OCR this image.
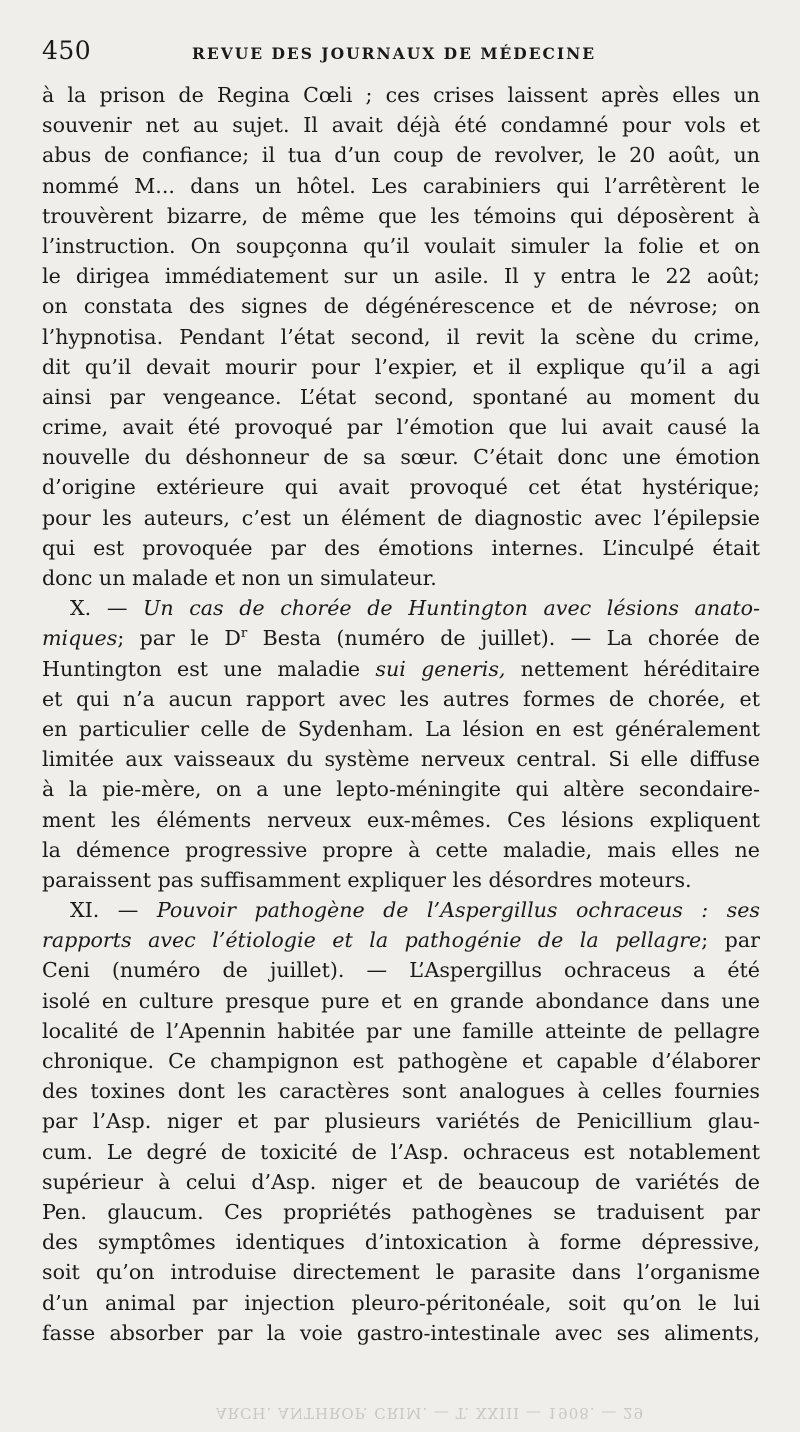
450	REVUE DES JOURNAUX DE MÉDECINE
à la prison de Regina Cœli ; ces crises laissent après elles un
souvenir net au sujet. Il avait déjà été condamné pour vols et
abus de confiance; il tua d’un coup de revolver, le 20 août, un
nommé M... dans un hôtel. Les carabiniers qui l’arrêtèrent le
trouvèrent bizarre, de même que les témoins qui déposèrent à
l’instruction. On soupçonna qu’il voulait simuler la folie et on
le dirigea immédiatement sur un asile. Il y entra le 22 août;
on constata des signes de dégénérescence et de névrose; on
l’hypnotisa. Pendant l’état second, il revit la scène du crime,
dit qu’il devait mourir pour l’expier, et il explique qu’il a agi
ainsi par vengeance. L’état second, spontané au moment du
crime, avait été provoqué par l’émotion que lui avait causé la
nouvelle du déshonneur de sa sœur. C’était donc une émotion
d’origine extérieure qui avait provoqué cet état hystérique;
pour les auteurs, c’est un élément de diagnostic avec l’épilepsie
qui est provoquée par des émotions internes. L’inculpé était
donc un malade et non un simulateur.
X. — Un cas de chorée de Huntington avec lésions anato-
miques; par le $D^r$ Besta (numéro de juillet). — La chorée de
Huntington est une maladie sui generis, nettement héréditaire
et qui n’a aucun rapport avec les autres formes de chorée, et
en particulier celle de Sydenham. La lésion en est généralement
limitée aux vaisseaux du système nerveux central. Si elle diffuse
à la pie-mère, on a une lepto-méningite qui altère secondaire-
ment les éléments nerveux eux-mêmes. Ces lésions expliquent
la démence progressive propre à cette maladie, mais elles ne
paraissent pas suffisamment expliquer les désordres moteurs.
XI. — Pouvoir pathogène de l’Aspergillus ochraceus : ses
rapports avec l’étiologie et la pathogénie de la pellagre; par
Ceni (numéro de juillet). — L’Aspergillus ochraceus a été
isolé en culture presque pure et en grande abondance dans une
localité de l’Apennin habitée par une famille atteinte de pellagre
chronique. Ce champignon est pathogène et capable d’élaborer
des toxines dont les caractères sont analogues à celles fournies
par l’Asp. niger et par plusieurs variétés de Penicillium glau-
cum. Le degré de toxicité de l’Asp. ochraceus est notablement
supérieur à celui d’Asp. niger et de beaucoup de variétés de
Pen. glaucum. Ces propriétés pathogènes se traduisent par
des symptômes identiques d’intoxication à forme dépressive,
soit qu’on introduise directement le parasite dans l’organisme
d’un animal par injection pleuro-péritonéale, soit qu’on le lui
fasse absorber par la voie gastro-intestinale avec ses aliments,
ARCH. ANTHROP. CRIM. — T. XXIII — 1908. — 29
